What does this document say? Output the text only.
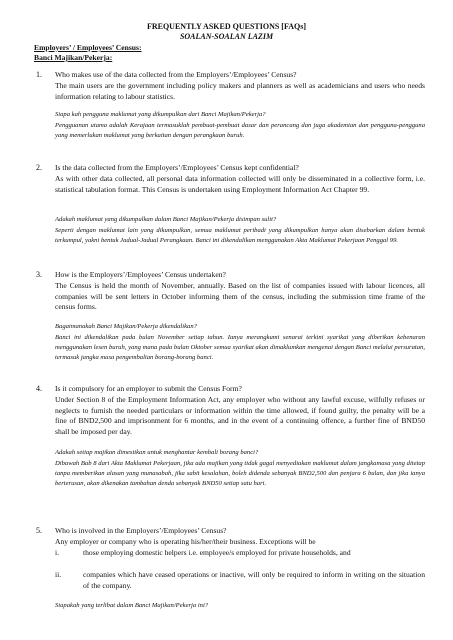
FREQUENTLY ASKED QUESTIONS [FAQs]
SOALAN-SOALAN LAZIM
Employers’ / Employees’ Census:
Banci Majikan/Pekerja:
1. Who makes use of the data collected from the Employers’/Employees’ Census?
The main users are the government including policy makers and planners as well as academicians and users who needs information relating to labour statistics.
Siapa kah pengguna maklumat yang dikumpulkan dari Banci Majikan/Pekerja?
Pengguanan utama adalah Kerajaan termasuklah pembuat-pembuat dasar dan perancang dan juga akademian dan pengguna-pengguna yang memerlukan maklumat yang berkaitan dengan perangkaan buruh.
2. Is the data collected from the Employers’/Employees’ Census kept confidential?
As with other data collected, all personal data information collected will only be disseminated in a collective form, i.e. statistical tabulation format. This Census is undertaken using Employment Information Act Chapter 99.
Adakah maklumat yang dikumpulkan dalam Banci Majikan/Pekerja disimpan sulit?
Seperti dengan maklumat lain yang dikumpulkan, semua maklumat peribadi yang dikumpulkan hanya akan disebarkan dalam bentuk terkumpul, yakni bentuk Jadual-Jadual Perangkaan. Banci ini dikendalikan menggunakan Akta Maklumat Pekerjaan Penggal 99.
3. How is the Employers’/Employees’ Census undertaken?
The Census is held the month of November, annually. Based on the list of companies issued with labour licences, all companies will be sent letters in October informing them of the census, including the submission time frame of the census forms.
Bagaimanakah Banci Majikan/Pekerja dikendalikan?
Banci ini dikendalikan pada bulan November setiap tahun. Ianya merangkumi senarai terkini syarikat yang diberikan kebenaran menggunakan lesen buruh, yang mana pada bulan Oktober semua syarikat akan dimaklumkan mengenai dengan Banci melalui persuratan, termasuk jangka masa pengembalian borang-borang banci.
4. Is it compulsory for an employer to submit the Census Form?
Under Section 8 of the Employment Information Act, any employer who without any lawful excuse, wilfully refuses or neglects to furnish the needed particulars or information within the time allowed, if found guilty, the penalty will be a fine of BND2,500 and imprisonment for 6 months, and in the event of a continuing offence, a further fine of BND50 shall be imposed per day.
Adakah setiap majikan dimestikan untuk menghantar kembali borang banci?
Dibawah Bab 8 dari Akta Maklumat Pekerjaan, jika ada majikan yang tidak gagal menyediakan maklumat dalam jangkamasa yang ditetap tanpa memberikan alasan yang munasabah, jika sabit kesalahan, boleh didenda sebanyak BND2,500 dan penjara 6 bulan, dan jika ianya berterusan, akan dikenakan tambahan denda sebanyak BND50 setiap satu hari.
5. Who is involved in the Employers’/Employees’ Census?
Any employer or company who is operating his/her/their business. Exceptions will be
i.	those employing domestic helpers i.e. employee/s employed for private households, and
ii.	companies which have ceased operations or inactive, will only be required to inform in writing on the situation of the company.
Siapakah yang terlibat dalam Banci Majikan/Pekerja ini?
